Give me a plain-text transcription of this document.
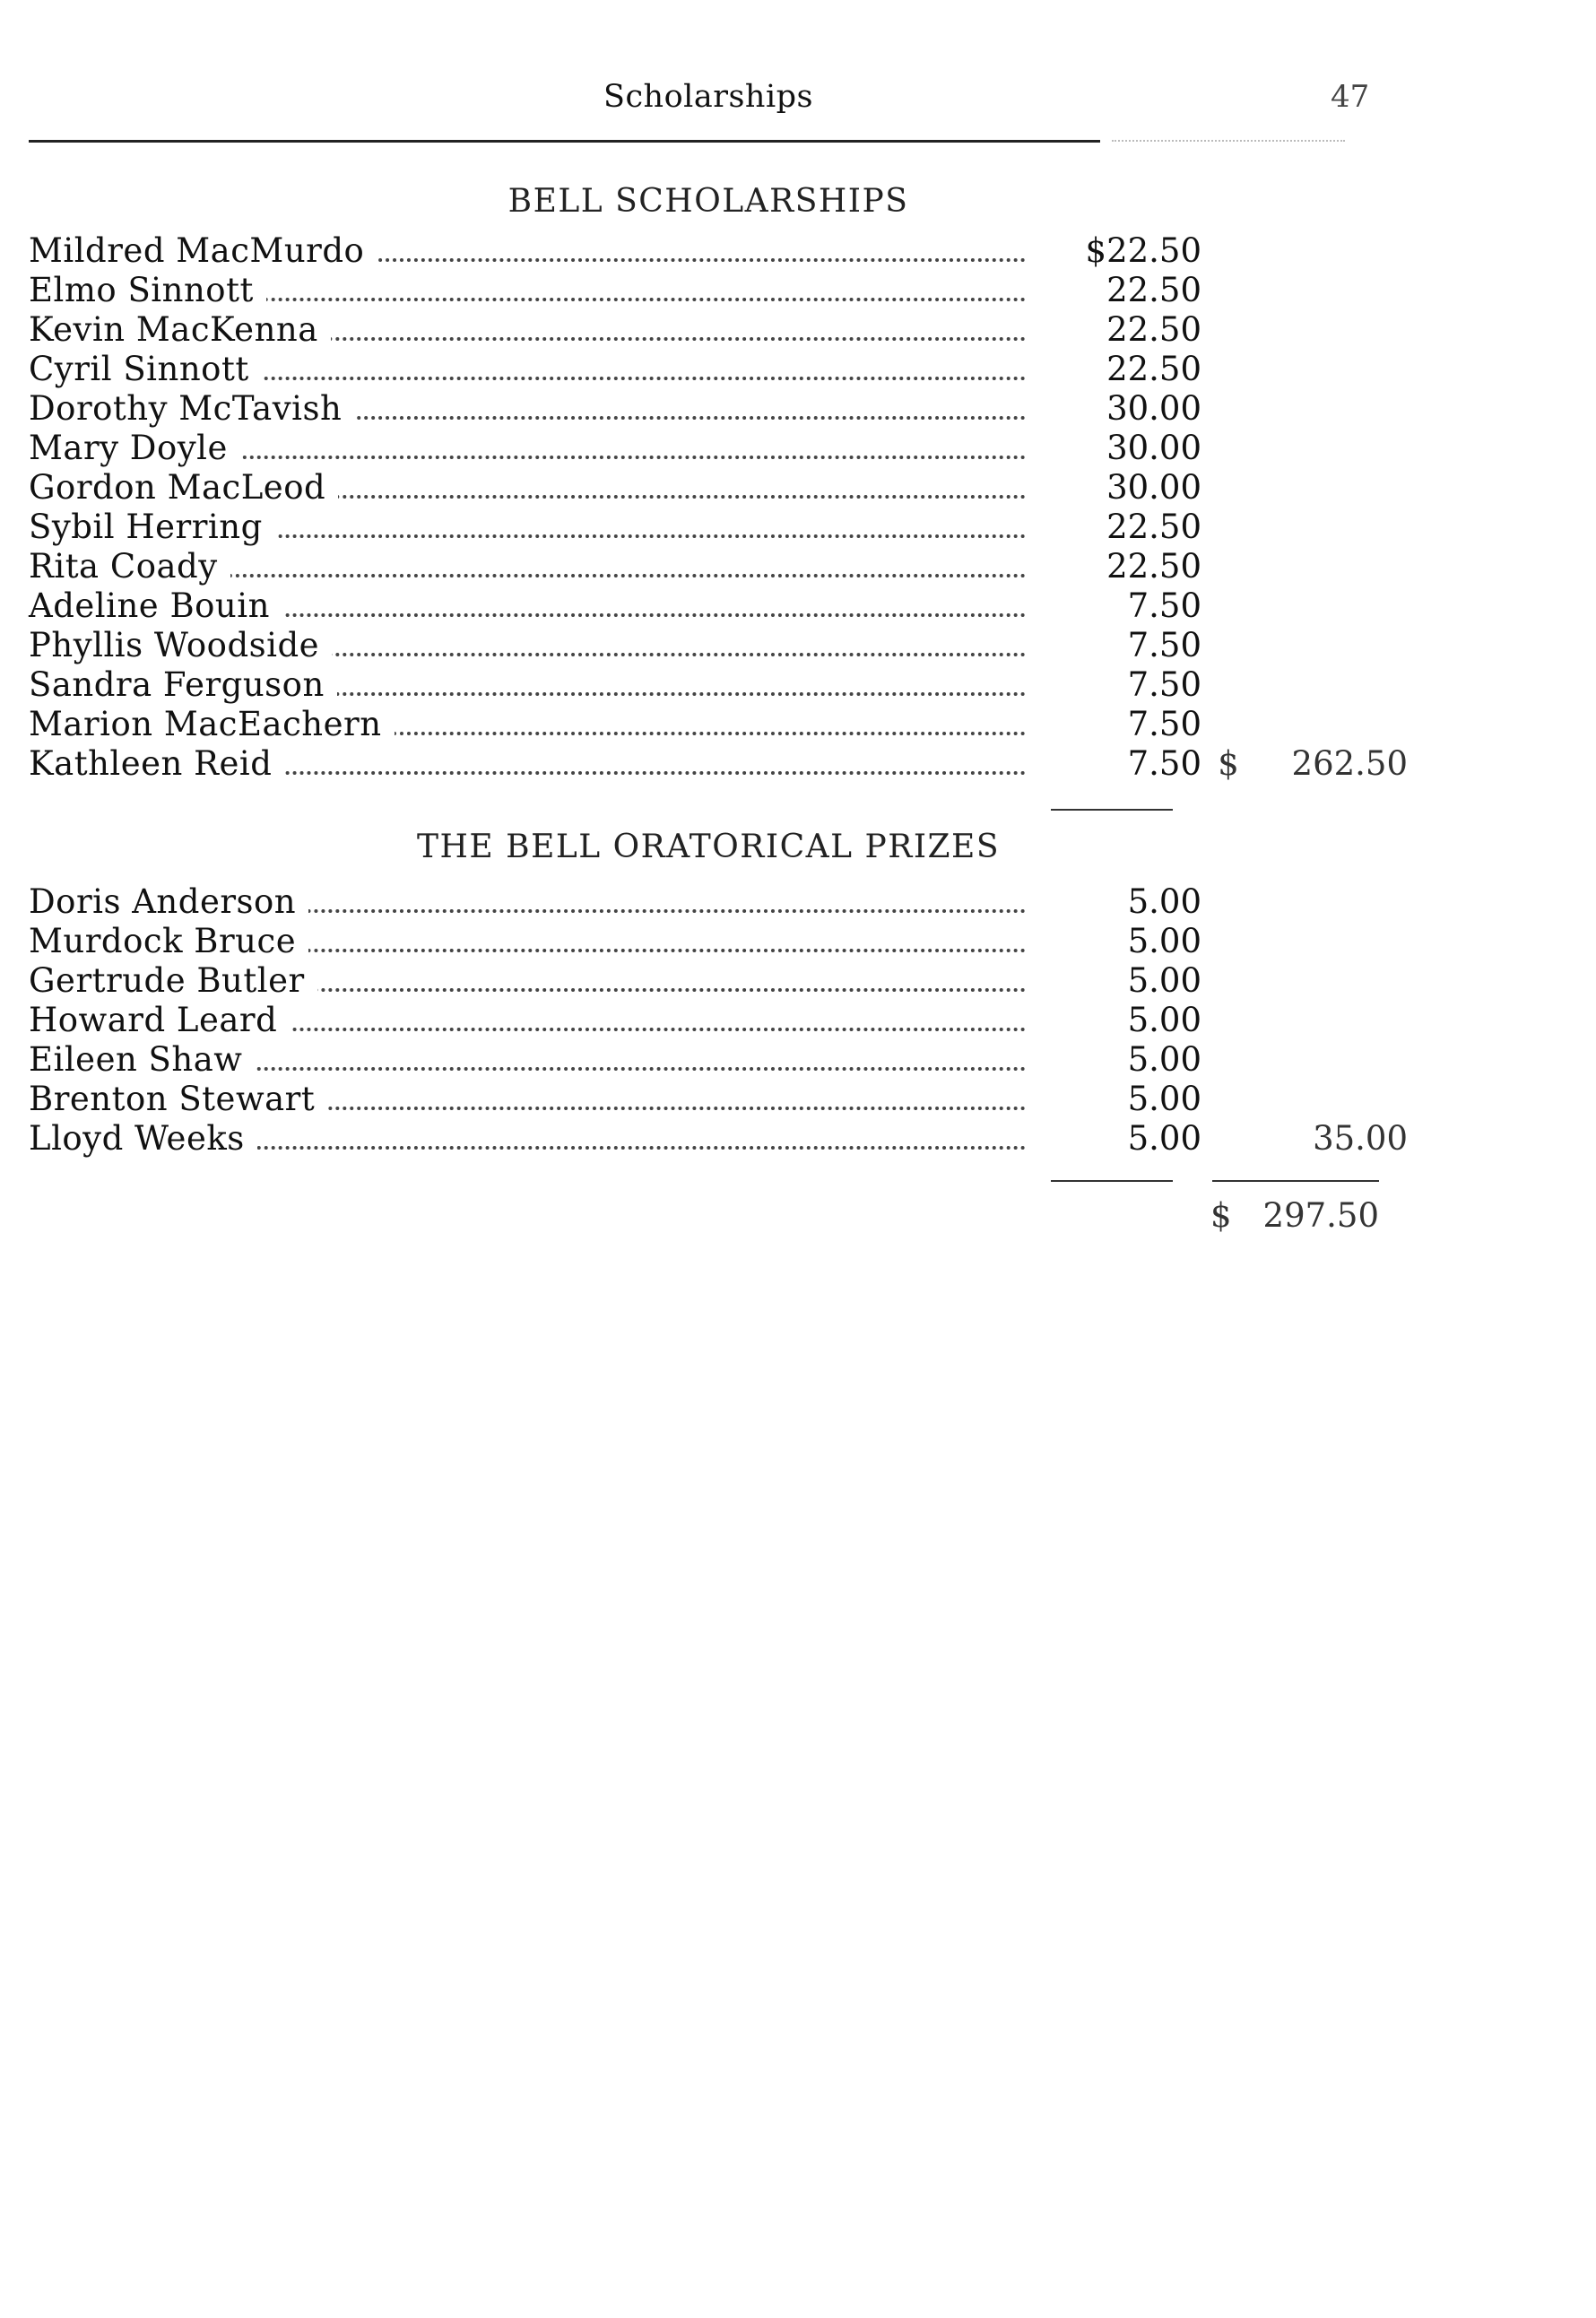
Scholarships	47
BELL SCHOLARSHIPS
Mildred MacMurdo	$22.50
Elmo Sinnott	22.50
Kevin MacKenna	22.50
Cyril Sinnott	22.50
Dorothy McTavish	30.00
Mary Doyle	30.00
Gordon MacLeod	30.00
Sybil Herring	22.50
Rita Coady	22.50
Adeline Bouin	7.50
Phyllis Woodside	7.50
Sandra Ferguson	7.50
Marion MacEachern	7.50
Kathleen Reid	7.50 $	262.50
THE BELL ORATORICAL PRIZES
Doris Anderson	5.00
Murdock Bruce	5.00
Gertrude Butler	5.00
Howard Leard	5.00
Eileen Shaw	5.00
Brenton Stewart	5.00
Lloyd Weeks	5.00	35.00
$ 297.50
